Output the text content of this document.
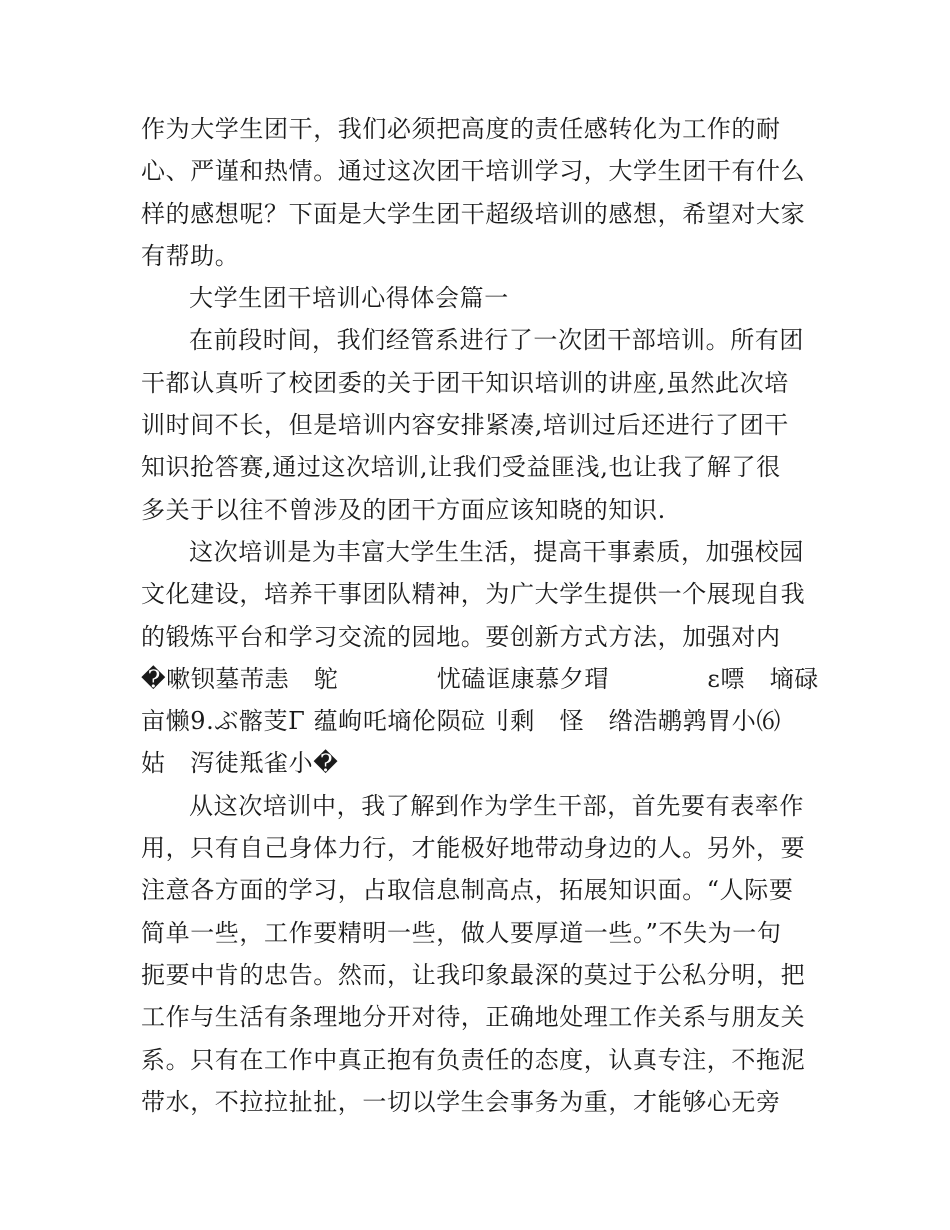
作为大学生团干，我们必须把高度的责任感转化为工作的耐
心、严谨和热情。通过这次团干培训学习，大学生团干有什么
样的感想呢？下面是大学生团干超级培训的感想，希望对大家
有帮助。
大学生团干培训心得体会篇一
在前段时间，我们经管系进行了一次团干部培训。所有团
干都认真听了校团委的关于团干知识培训的讲座,虽然此次培
训时间不长，但是培训内容安排紧凑,培训过后还进行了团干
知识抢答赛,通过这次培训,让我们受益匪浅,也让我了解了很
多关于以往不曾涉及的团干方面应该知晓的知识.
这次培训是为丰富大学生生活，提高干事素质，加强校园
文化建设，培养干事团队精神，为广大学生提供一个展现自我
的锻炼平台和学习交流的园地。要创新方式方法，加强对内
�嗽钡墓芾恚　鸵　　　　忧磕诓康慕夕瑁　　　　ε嘌　墒碌
亩懒9.ぶ髂芰Γ 蕴岣吒墒伦陨砬刂剩　怪　绺浩鹕鹑胃小⑹
姑　泻徒羝雀小�
从这次培训中，我了解到作为学生干部，首先要有表率作
用，只有自己身体力行，才能极好地带动身边的人。另外，要
注意各方面的学习，占取信息制高点，拓展知识面。“人际要
简单一些，工作要精明一些，做人要厚道一些。”不失为一句
扼要中肯的忠告。然而，让我印象最深的莫过于公私分明，把
工作与生活有条理地分开对待，正确地处理工作关系与朋友关
系。只有在工作中真正抱有负责任的态度，认真专注，不拖泥
带水，不拉拉扯扯，一切以学生会事务为重，才能够心无旁
